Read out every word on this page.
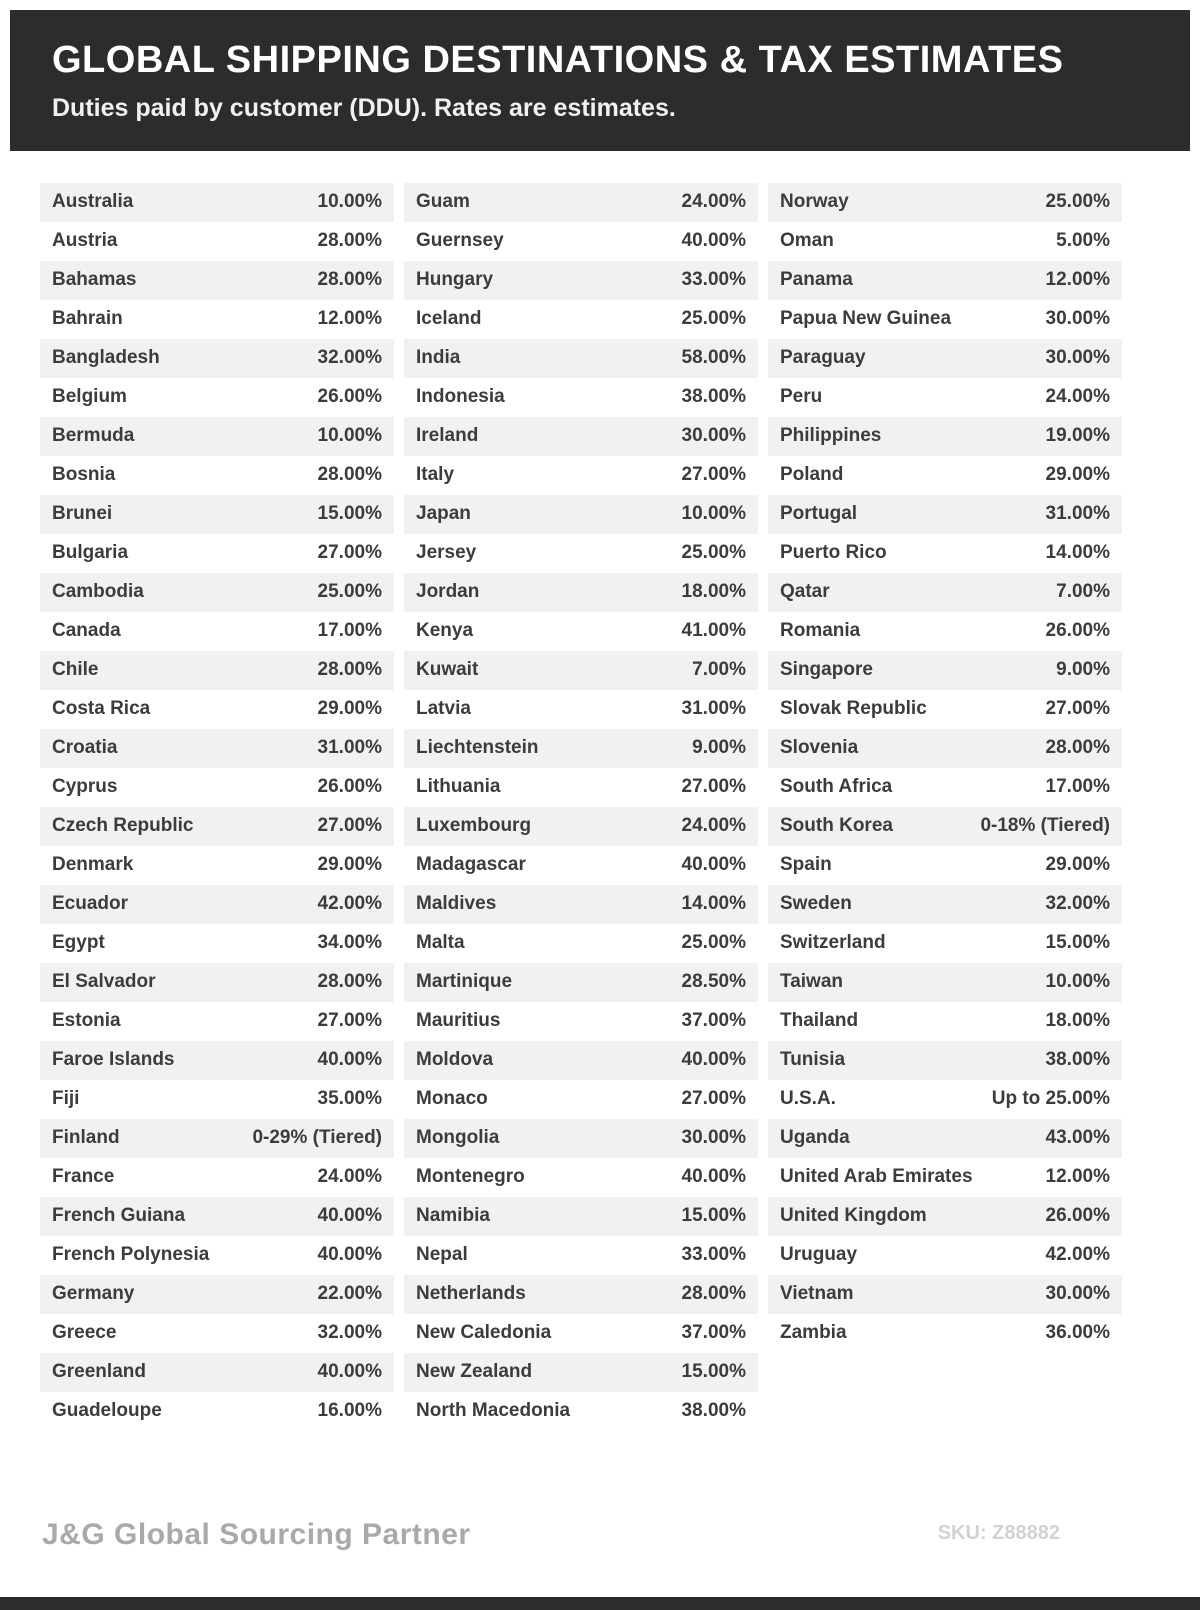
GLOBAL SHIPPING DESTINATIONS & TAX ESTIMATES
Duties paid by customer (DDU). Rates are estimates.
Australia	10.00%
Austria	28.00%
Bahamas	28.00%
Bahrain	12.00%
Bangladesh	32.00%
Belgium	26.00%
Bermuda	10.00%
Bosnia	28.00%
Brunei	15.00%
Bulgaria	27.00%
Cambodia	25.00%
Canada	17.00%
Chile	28.00%
Costa Rica	29.00%
Croatia	31.00%
Cyprus	26.00%
Czech Republic	27.00%
Denmark	29.00%
Ecuador	42.00%
Egypt	34.00%
El Salvador	28.00%
Estonia	27.00%
Faroe Islands	40.00%
Fiji	35.00%
Finland	0-29% (Tiered)
France	24.00%
French Guiana	40.00%
French Polynesia	40.00%
Germany	22.00%
Greece	32.00%
Greenland	40.00%
Guadeloupe	16.00%
Guam	24.00%
Guernsey	40.00%
Hungary	33.00%
Iceland	25.00%
India	58.00%
Indonesia	38.00%
Ireland	30.00%
Italy	27.00%
Japan	10.00%
Jersey	25.00%
Jordan	18.00%
Kenya	41.00%
Kuwait	7.00%
Latvia	31.00%
Liechtenstein	9.00%
Lithuania	27.00%
Luxembourg	24.00%
Madagascar	40.00%
Maldives	14.00%
Malta	25.00%
Martinique	28.50%
Mauritius	37.00%
Moldova	40.00%
Monaco	27.00%
Mongolia	30.00%
Montenegro	40.00%
Namibia	15.00%
Nepal	33.00%
Netherlands	28.00%
New Caledonia	37.00%
New Zealand	15.00%
North Macedonia	38.00%
Norway	25.00%
Oman	5.00%
Panama	12.00%
Papua New Guinea	30.00%
Paraguay	30.00%
Peru	24.00%
Philippines	19.00%
Poland	29.00%
Portugal	31.00%
Puerto Rico	14.00%
Qatar	7.00%
Romania	26.00%
Singapore	9.00%
Slovak Republic	27.00%
Slovenia	28.00%
South Africa	17.00%
South Korea	0-18% (Tiered)
Spain	29.00%
Sweden	32.00%
Switzerland	15.00%
Taiwan	10.00%
Thailand	18.00%
Tunisia	38.00%
U.S.A.	Up to 25.00%
Uganda	43.00%
United Arab Emirates	12.00%
United Kingdom	26.00%
Uruguay	42.00%
Vietnam	30.00%
Zambia	36.00%
J&G Global Sourcing Partner	SKU: Z88882
